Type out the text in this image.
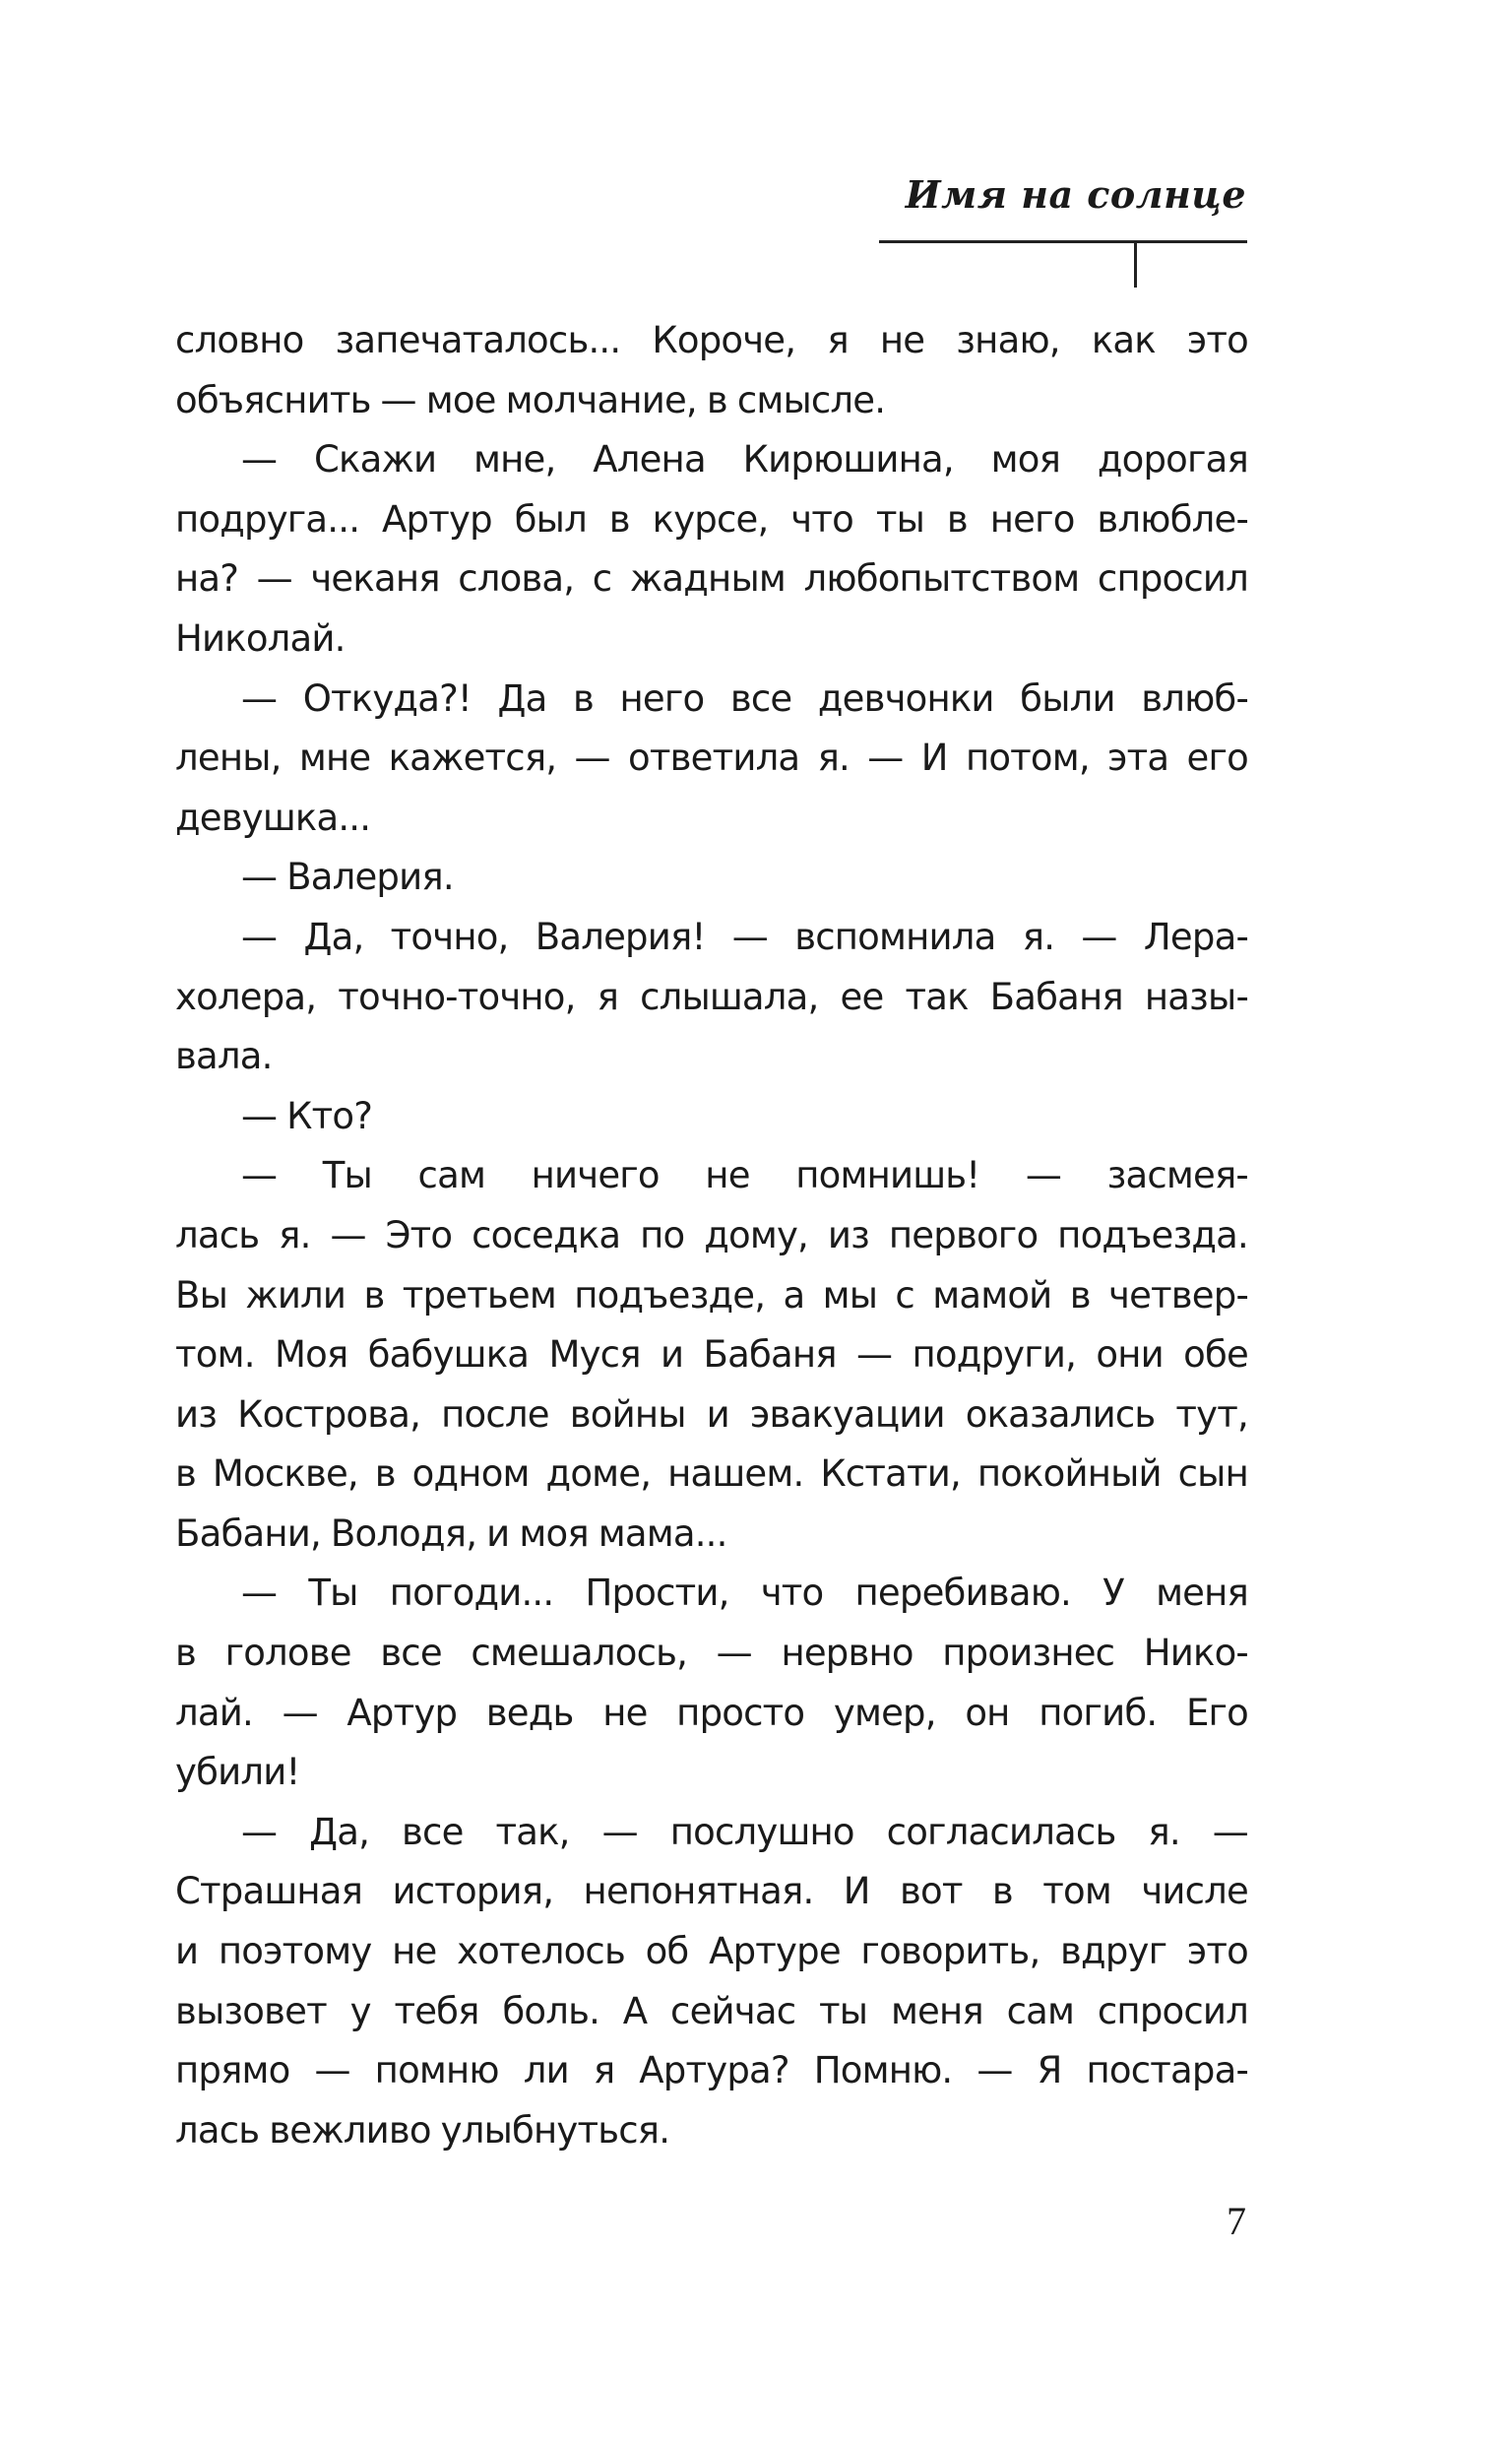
Имя на солнце
словно запечаталось... Короче, я не знаю, как это
объяснить — мое молчание, в смысле.
— Скажи мне, Алена Кирюшина, моя дорогая
подруга... Артур был в курсе, что ты в него влюбле-
на? — чеканя слова, с жадным любопытством спросил
Николай.
— Откуда?! Да в него все девчонки были влюб-
лены, мне кажется, — ответила я. — И потом, эта его
девушка...
— Валерия.
— Да, точно, Валерия! — вспомнила я. — Лера-
холера, точно-точно, я слышала, ее так Бабаня назы-
вала.
— Кто?
— Ты сам ничего не помнишь! — засмея-
лась я. — Это соседка по дому, из первого подъезда.
Вы жили в третьем подъезде, а мы с мамой в четвер-
том. Моя бабушка Муся и Бабаня — подруги, они обе
из Кострова, после войны и эвакуации оказались тут,
в Москве, в одном доме, нашем. Кстати, покойный сын
Бабани, Володя, и моя мама...
— Ты погоди... Прости, что перебиваю. У меня
в голове все смешалось, — нервно произнес Нико-
лай. — Артур ведь не просто умер, он погиб. Его
убили!
— Да, все так, — послушно согласилась я. —
Страшная история, непонятная. И вот в том числе
и поэтому не хотелось об Артуре говорить, вдруг это
вызовет у тебя боль. А сейчас ты меня сам спросил
прямо — помню ли я Артура? Помню. — Я постара-
лась вежливо улыбнуться.
7
